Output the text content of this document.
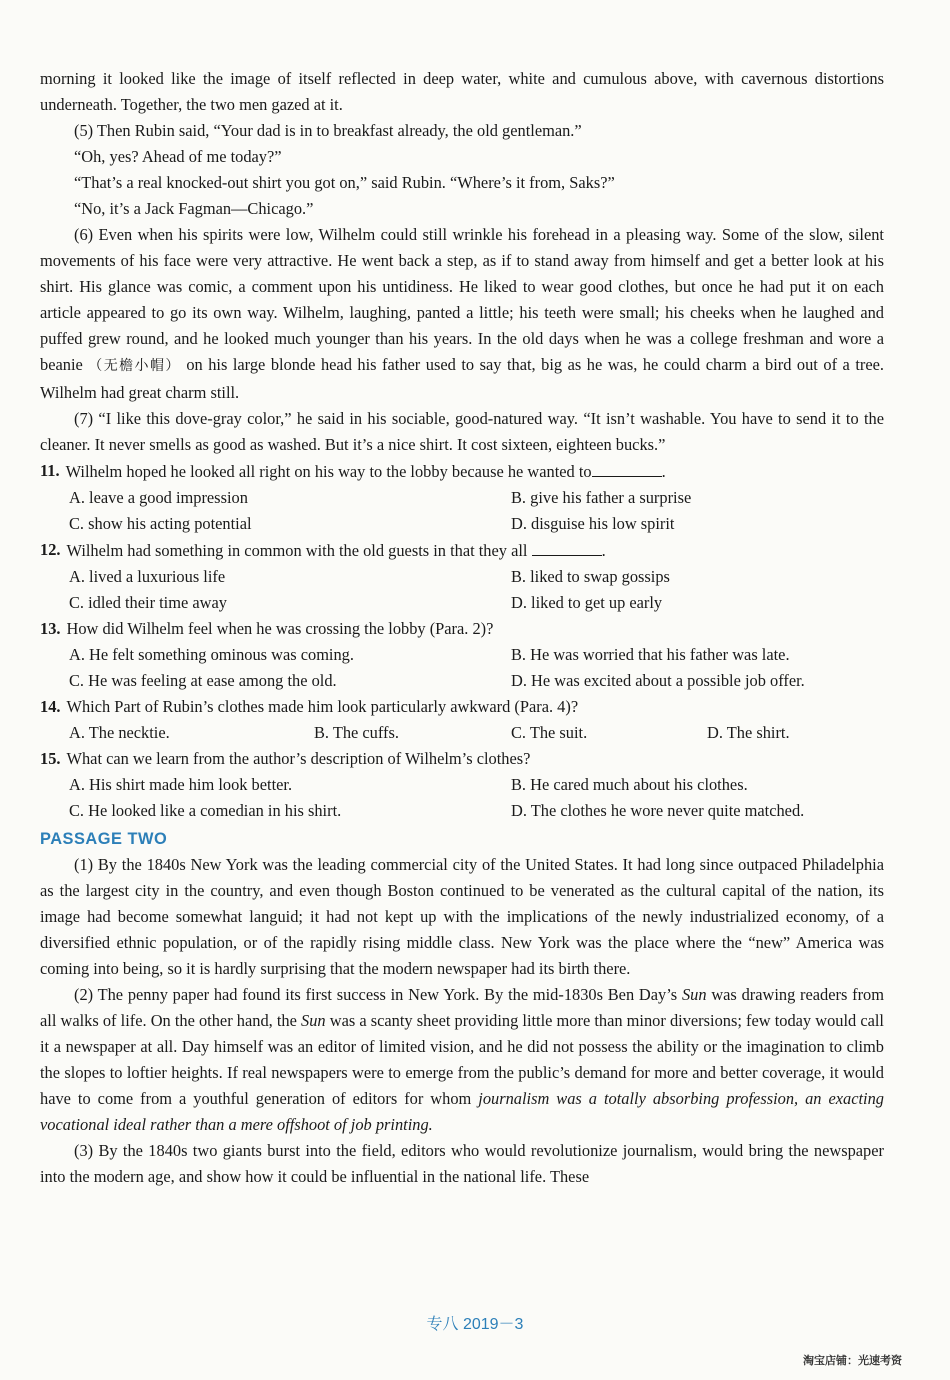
morning it looked like the image of itself reflected in deep water, white and cumulous above, with cavernous distortions underneath. Together, the two men gazed at it.

(5) Then Rubin said, “Your dad is in to breakfast already, the old gentleman.”

“Oh, yes? Ahead of me today?”

“That’s a real knocked-out shirt you got on,” said Rubin. “Where’s it from, Saks?”

“No, it’s a Jack Fagman—Chicago.”

(6) Even when his spirits were low, Wilhelm could still wrinkle his forehead in a pleasing way. Some of the slow, silent movements of his face were very attractive. He went back a step, as if to stand away from himself and get a better look at his shirt. His glance was comic, a comment upon his untidiness. He liked to wear good clothes, but once he had put it on each article appeared to go its own way. Wilhelm, laughing, panted a little; his teeth were small; his cheeks when he laughed and puffed grew round, and he looked much younger than his years. In the old days when he was a college freshman and wore a beanie （无檐小帽） on his large blonde head his father used to say that, big as he was, he could charm a bird out of a tree. Wilhelm had great charm still.

(7) “I like this dove-gray color,” he said in his sociable, good-natured way. “It isn’t washable. You have to send it to the cleaner. It never smells as good as washed. But it’s a nice shirt. It cost sixteen, eighteen bucks.”

11. Wilhelm hoped he looked all right on his way to the lobby because he wanted to	.
A. leave a good impression	B. give his father a surprise
C. show his acting potential	D. disguise his low spirit
12. Wilhelm had something in common with the old guests in that they all	.
A. lived a luxurious life	B. liked to swap gossips
C. idled their time away	D. liked to get up early
13. How did Wilhelm feel when he was crossing the lobby (Para. 2)?
A. He felt something ominous was coming.	B. He was worried that his father was late.
C. He was feeling at ease among the old.	D. He was excited about a possible job offer.
14. Which Part of Rubin’s clothes made him look particularly awkward (Para. 4)?
A. The necktie.	B. The cuffs.	C. The suit.	D. The shirt.
15. What can we learn from the author’s description of Wilhelm’s clothes?
A. His shirt made him look better.	B. He cared much about his clothes.
C. He looked like a comedian in his shirt.	D. The clothes he wore never quite matched.
PASSAGE TWO

(1) By the 1840s New York was the leading commercial city of the United States. It had long since outpaced Philadelphia as the largest city in the country, and even though Boston continued to be venerated as the cultural capital of the nation, its image had become somewhat languid; it had not kept up with the implications of the newly industrialized economy, of a diversified ethnic population, or of the rapidly rising middle class. New York was the place where the “new” America was coming into being, so it is hardly surprising that the modern newspaper had its birth there.

(2) The penny paper had found its first success in New York. By the mid-1830s Ben Day’s Sun was drawing readers from all walks of life. On the other hand, the Sun was a scanty sheet providing little more than minor diversions; few today would call it a newspaper at all. Day himself was an editor of limited vision, and he did not possess the ability or the imagination to climb the slopes to loftier heights. If real newspapers were to emerge from the public’s demand for more and better coverage, it would have to come from a youthful generation of editors for whom journalism was a totally absorbing profession, an exacting vocational ideal rather than a mere offshoot of job printing.

(3) By the 1840s two giants burst into the field, editors who would revolutionize journalism, would bring the newspaper into the modern age, and show how it could be influential in the national life. These

专八 2019－3
淘宝店铺：光速考资
